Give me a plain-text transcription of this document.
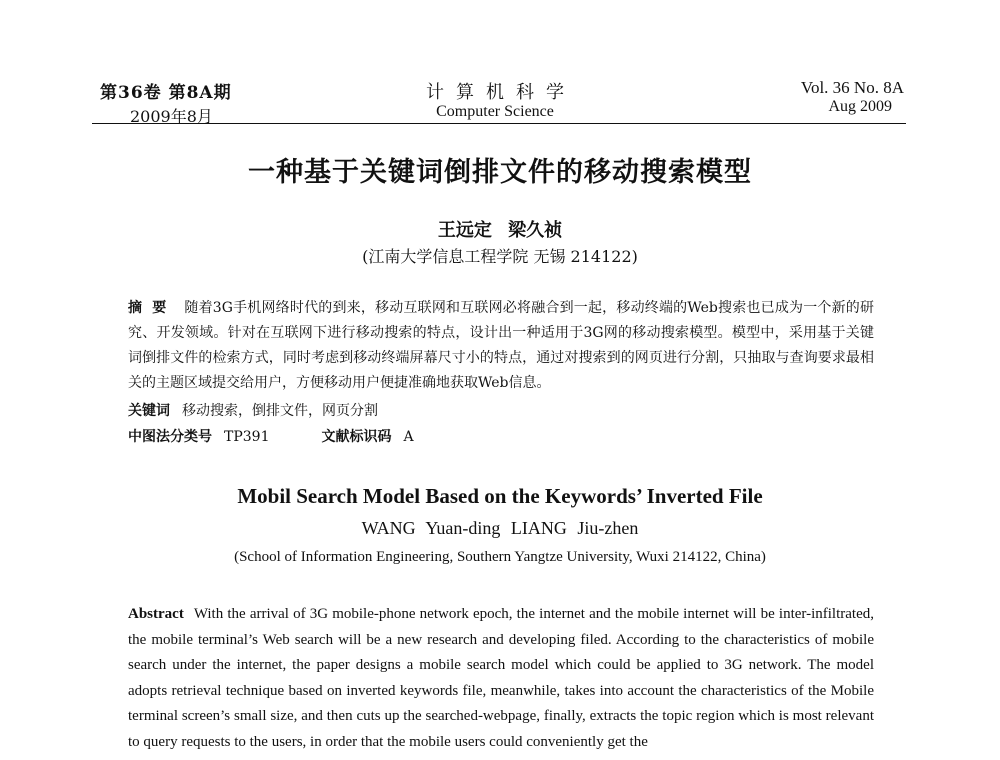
第36卷 第8A期
2009年8月
计算机科学
Computer Science
Vol. 36 No. 8A
Aug 2009
一种基于关键词倒排文件的移动搜索模型
王远定 梁久祯
(江南大学信息工程学院 无锡 214122)
摘要 随着3G手机网络时代的到来，移动互联网和互联网必将融合到一起，移动终端的Web搜索也已成为一个新的研究、开发领域。针对在互联网下进行移动搜索的特点，设计出一种适用于3G网的移动搜索模型。模型中，采用基于关键词倒排文件的检索方式，同时考虑到移动终端屏幕尺寸小的特点，通过对搜索到的网页进行分割，只抽取与查询要求最相关的主题区域提交给用户，方便移动用户便捷准确地获取Web信息。
关键词 移动搜索，倒排文件，网页分割
中图法分类号 TP391	文献标识码 A
Mobil Search Model Based on the Keywords’ Inverted File
WANG Yuan-ding LIANG Jiu-zhen
(School of Information Engineering, Southern Yangtze University, Wuxi 214122, China)
Abstract With the arrival of 3G mobile-phone network epoch, the internet and the mobile internet will be inter-infiltrated, the mobile terminal’s Web search will be a new research and developing filed. According to the characteristics of mobile search under the internet, the paper designs a mobile search model which could be applied to 3G network. The model adopts retrieval technique based on inverted keywords file, meanwhile, takes into account the characteristics of the Mobile terminal screen’s small size, and then cuts up the searched-webpage, finally, extracts the topic region which is most relevant to query requests to the users, in order that the mobile users could conveniently get the
